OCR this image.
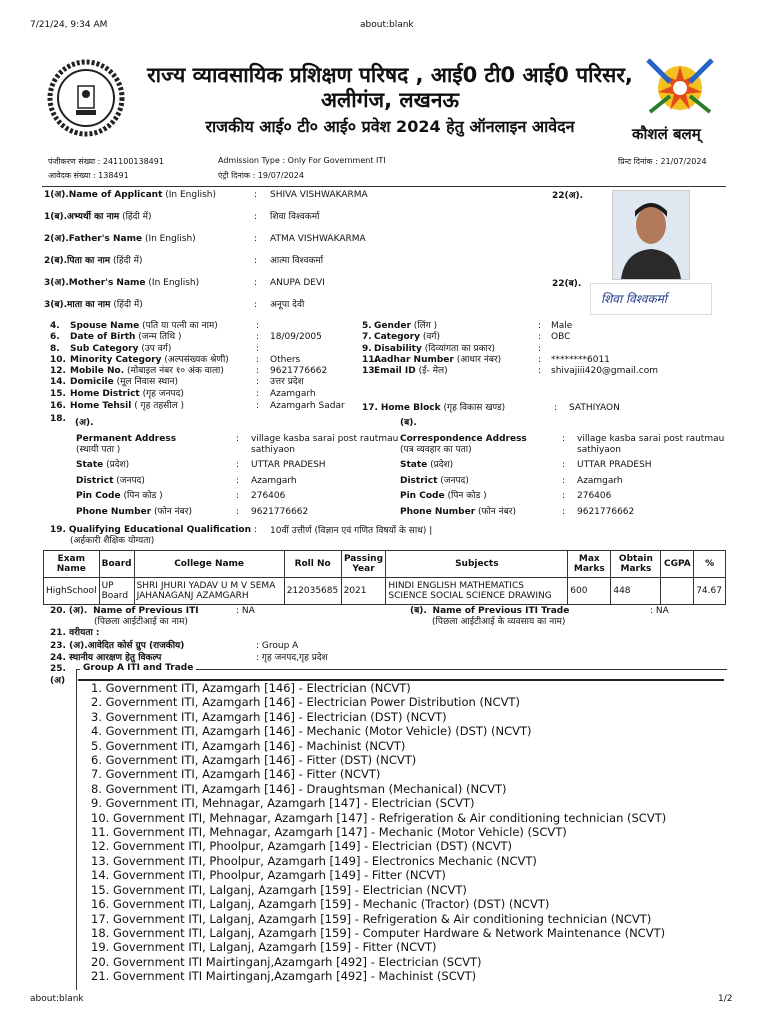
7/21/24, 9:34 AM	about:blank
about:blank	1/2
कौशलं बलम्
राज्य व्यावसायिक प्रशिक्षण परिषद , आई0 टी0 आई0 परिसर,
अलीगंज, लखनऊ
राजकीय आई० टी० आई० प्रवेश 2024 हेतु ऑनलाइन आवेदन
पंजीकरण संख्या : 241100138491
आवेदक संख्या : 138491
Admission Type : Only For Government ITI
एंट्री दिनांक : 19/07/2024
प्रिन्ट दिनांक : 21/07/2024
1(अ).Name of Applicant (In English)	: SHIVA VISHWAKARMA
1(ब).अभ्यर्थी का नाम (हिंदी में)	: शिवा विश्वकर्मा
2(अ).Father's Name (In English)	: ATMA VISHWAKARMA
2(ब).पिता का नाम (हिंदी में)	: आत्मा विश्वकर्मा
3(अ).Mother's Name (In English)	: ANUPA DEVI
3(ब).माता का नाम (हिंदी में)	: अनूपा देवी
22(अ).
22(ब).
शिवा विश्वकर्मा
4. Spouse Name (पति या पत्नी का नाम)	:
6. Date of Birth (जन्म तिथि )	: 18/09/2005
8. Sub Category (उप वर्ग)	:
10. Minority Category (अल्पसंख्यक श्रेणी)	: Others
12. Mobile No. (मोबाइल नंबर १० अंक वाला)	: 9621776662
14. Domicile (मूल निवास स्थान)	: उत्तर प्रदेश
15. Home District (गृह जनपद)	: Azamgarh
16. Home Tehsil ( गृह तहसील )	: Azamgarh Sadar
5. Gender (लिंग )	: Male
7. Category (वर्ग)	: OBC
9. Disability (दिव्यांगता का प्रकार)	:
11.Aadhar Number (आधार नंबर)	: ********6011
13.Email ID (ई- मेल)	: shivajiii420@gmail.com
17. Home Block (गृह विकास खण्ड)	: SATHIYAON
18. (अ).	(ब).
Permanent Address
(स्थायी पता )
: village kasba sarai post rautmau sathiyaon
State (प्रदेश)	: UTTAR PRADESH
District (जनपद)	: Azamgarh
Pin Code (पिन कोड )	: 276406
Phone Number (फोन नंबर)	: 9621776662
Correspondence Address
(पत्र व्यवहार का पता)
: village kasba sarai post rautmau sathiyaon
State (प्रदेश)	: UTTAR PRADESH
District (जनपद)	: Azamgarh
Pin Code (पिन कोड )	: 276406
Phone Number (फोन नंबर)	: 9621776662
19. Qualifying Educational Qualification
(अर्हकारी शैक्षिक योग्यता)
: 10वीं उत्तीर्ण (विज्ञान एवं गणित विषयों के साथ) |
Exam Name	Board	College Name	Roll No	Passing Year	Subjects	Max Marks	Obtain Marks	CGPA	%
HighSchool	UP Board	SHRI JHURI YADAV U M V SEMA JAHANAGANJ AZAMGARH	212035685	2021	HINDI ENGLISH MATHEMATICS SCIENCE SOCIAL SCIENCE DRAWING	600	448		74.67
20. (अ). Name of Previous ITI
(पिछला आईटीआई का नाम)
: NA	(ब). Name of Previous ITI Trade
(पिछला आईटीआई के व्यवसाय का नाम)
: NA
21. वरीयता :
23. (अ).आवेदित कोर्स ग्रुप (राजकीय)	: Group A
24. स्थानीय आरक्षण हेतु विकल्प	: गृह जनपद,गृह प्रदेश
25.
(अ)
Group A ITI and Trade
1. Government ITI, Azamgarh [146] - Electrician (NCVT)
2. Government ITI, Azamgarh [146] - Electrician Power Distribution (NCVT)
3. Government ITI, Azamgarh [146] - Electrician (DST) (NCVT)
4. Government ITI, Azamgarh [146] - Mechanic (Motor Vehicle) (DST) (NCVT)
5. Government ITI, Azamgarh [146] - Machinist (NCVT)
6. Government ITI, Azamgarh [146] - Fitter (DST) (NCVT)
7. Government ITI, Azamgarh [146] - Fitter (NCVT)
8. Government ITI, Azamgarh [146] - Draughtsman (Mechanical) (NCVT)
9. Government ITI, Mehnagar, Azamgarh [147] - Electrician (SCVT)
10. Government ITI, Mehnagar, Azamgarh [147] - Refrigeration & Air conditioning technician (SCVT)
11. Government ITI, Mehnagar, Azamgarh [147] - Mechanic (Motor Vehicle) (SCVT)
12. Government ITI, Phoolpur, Azamgarh [149] - Electrician (DST) (NCVT)
13. Government ITI, Phoolpur, Azamgarh [149] - Electronics Mechanic (NCVT)
14. Government ITI, Phoolpur, Azamgarh [149] - Fitter (NCVT)
15. Government ITI, Lalganj, Azamgarh [159] - Electrician (NCVT)
16. Government ITI, Lalganj, Azamgarh [159] - Mechanic (Tractor) (DST) (NCVT)
17. Government ITI, Lalganj, Azamgarh [159] - Refrigeration & Air conditioning technician (NCVT)
18. Government ITI, Lalganj, Azamgarh [159] - Computer Hardware & Network Maintenance (NCVT)
19. Government ITI, Lalganj, Azamgarh [159] - Fitter (NCVT)
20. Government ITI Mairtinganj,Azamgarh [492] - Electrician (SCVT)
21. Government ITI Mairtinganj,Azamgarh [492] - Machinist (SCVT)
